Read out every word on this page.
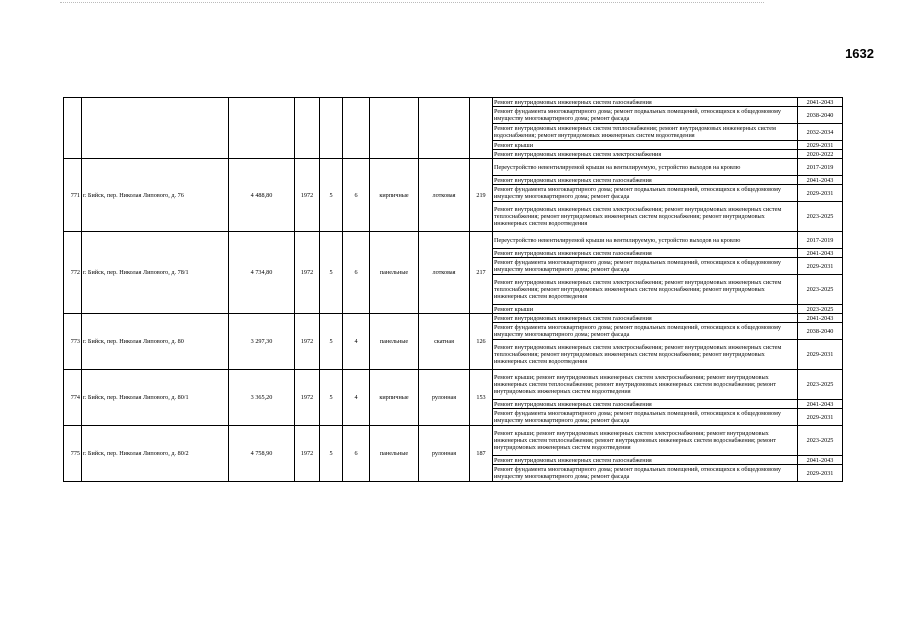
1632
									Ремонт внутридомовых инженерных систем газоснабжения	2041-2043
									Ремонт фундамента многоквартирного дома; ремонт подвальных помещений, относящихся к общедомовому имуществу многоквартирного дома; ремонт фасада	2038-2040
									Ремонт внутридомовых инженерных систем теплоснабжения; ремонт внутридомовых инженерных систем водоснабжения; ремонт внутридомовых инженерных систем водоотведения	2032-2034
									Ремонт крыши	2029-2031
									Ремонт внутридомовых инженерных систем электроснабжения	2020-2022
771	г. Бийск, пер. Николая Липового, д. 76	4 488,80	1972	5	6	кирпичные	лотковая	219	Переустройство невентилируемой крыши на вентилируемую, устройство выходов на кровлю	2017-2019
									Ремонт внутридомовых инженерных систем газоснабжения	2041-2043
									Ремонт фундамента многоквартирного дома; ремонт подвальных помещений, относящихся к общедомовому имуществу многоквартирного дома; ремонт фасада	2029-2031
									Ремонт внутридомовых инженерных систем электроснабжения; ремонт внутридомовых инженерных систем теплоснабжения; ремонт внутридомовых инженерных систем водоснабжения; ремонт внутридомовых инженерных систем водоотведения	2023-2025
772	г. Бийск, пер. Николая Липового, д. 78/1	4 734,80	1972	5	6	панельные	лотковая	217	Переустройство невентилируемой крыши на вентилируемую, устройство выходов на кровлю	2017-2019
									Ремонт внутридомовых инженерных систем газоснабжения	2041-2043
									Ремонт фундамента многоквартирного дома; ремонт подвальных помещений, относящихся к общедомовому имуществу многоквартирного дома; ремонт фасада	2029-2031
									Ремонт внутридомовых инженерных систем электроснабжения; ремонт внутридомовых инженерных систем теплоснабжения; ремонт внутридомовых инженерных систем водоснабжения; ремонт внутридомовых инженерных систем водоотведения	2023-2025
									Ремонт крыши	2023-2025
773	г. Бийск, пер. Николая Липового, д. 80	3 297,30	1972	5	4	панельные	скатная	126	Ремонт внутридомовых инженерных систем газоснабжения	2041-2043
									Ремонт фундамента многоквартирного дома; ремонт подвальных помещений, относящихся к общедомовому имуществу многоквартирного дома; ремонт фасада	2038-2040
									Ремонт внутридомовых инженерных систем электроснабжения; ремонт внутридомовых инженерных систем теплоснабжения; ремонт внутридомовых инженерных систем водоснабжения; ремонт внутридомовых инженерных систем водоотведения	2029-2031
774	г. Бийск, пер. Николая Липового, д. 80/1	3 365,20	1972	5	4	кирпичные	рулонная	153	Ремонт крыши; ремонт внутридомовых инженерных систем электроснабжения; ремонт внутридомовых инженерных систем теплоснабжения; ремонт внутридомовых инженерных систем водоснабжения; ремонт внутридомовых инженерных систем водоотведения	2023-2025
									Ремонт внутридомовых инженерных систем газоснабжения	2041-2043
									Ремонт фундамента многоквартирного дома; ремонт подвальных помещений, относящихся к общедомовому имуществу многоквартирного дома; ремонт фасада	2029-2031
775	г. Бийск, пер. Николая Липового, д. 80/2	4 758,90	1972	5	6	панельные	рулонная	187	Ремонт крыши; ремонт внутридомовых инженерных систем электроснабжения; ремонт внутридомовых инженерных систем теплоснабжения; ремонт внутридомовых инженерных систем водоснабжения; ремонт внутридомовых инженерных систем водоотведения	2023-2025
									Ремонт внутридомовых инженерных систем газоснабжения	2041-2043
									Ремонт фундамента многоквартирного дома; ремонт подвальных помещений, относящихся к общедомовому имуществу многоквартирного дома; ремонт фасада	2029-2031
